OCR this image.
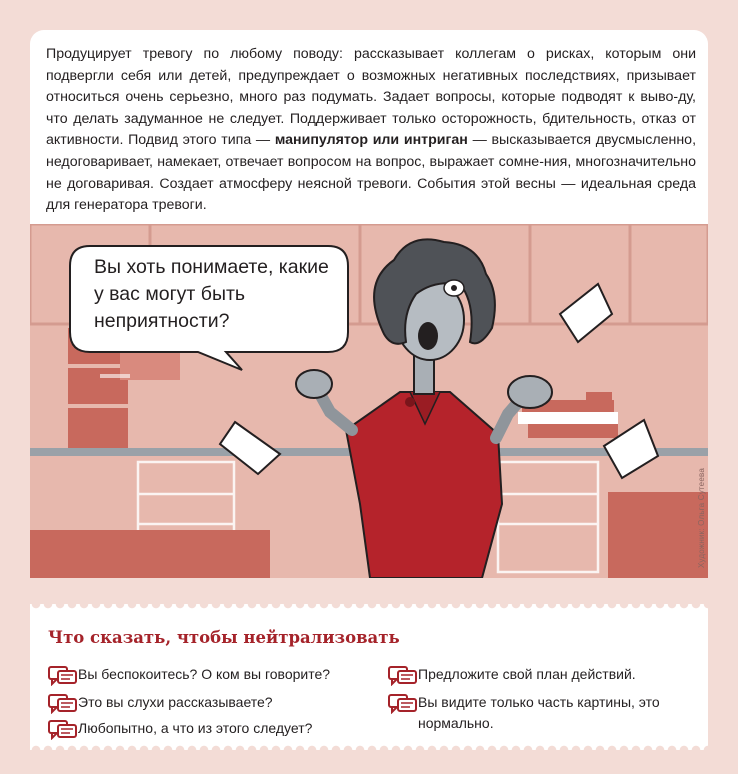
Продуцирует тревогу по любому поводу: рассказывает коллегам о рисках, которым они подвергли себя или детей, предупреждает о возможных негативных последствиях, призывает относиться очень серьезно, много раз подумать. Задает вопросы, которые подводят к выво-ду, что делать задуманное не следует. Поддерживает только осторожность, бдительность, отказ от активности. Подвид этого типа — манипулятор или интриган — высказывается двусмысленно, недоговаривает, намекает, отвечает вопросом на вопрос, выражает сомне-ния, многозначительно не договаривая. Создает атмосферу неясной тревоги. События этой весны — идеальная среда для генератора тревоги.

Вы хоть понимаете, какие у вас могут быть неприятности?
Художник: Ольга Сутеева
Что сказать, чтобы нейтрализовать
Вы беспокоитесь? О ком вы говорите?
Это вы слухи рассказываете?
Любопытно, а что из этого следует?
Предложите свой план действий.
Вы видите только часть картины, это нормально.
